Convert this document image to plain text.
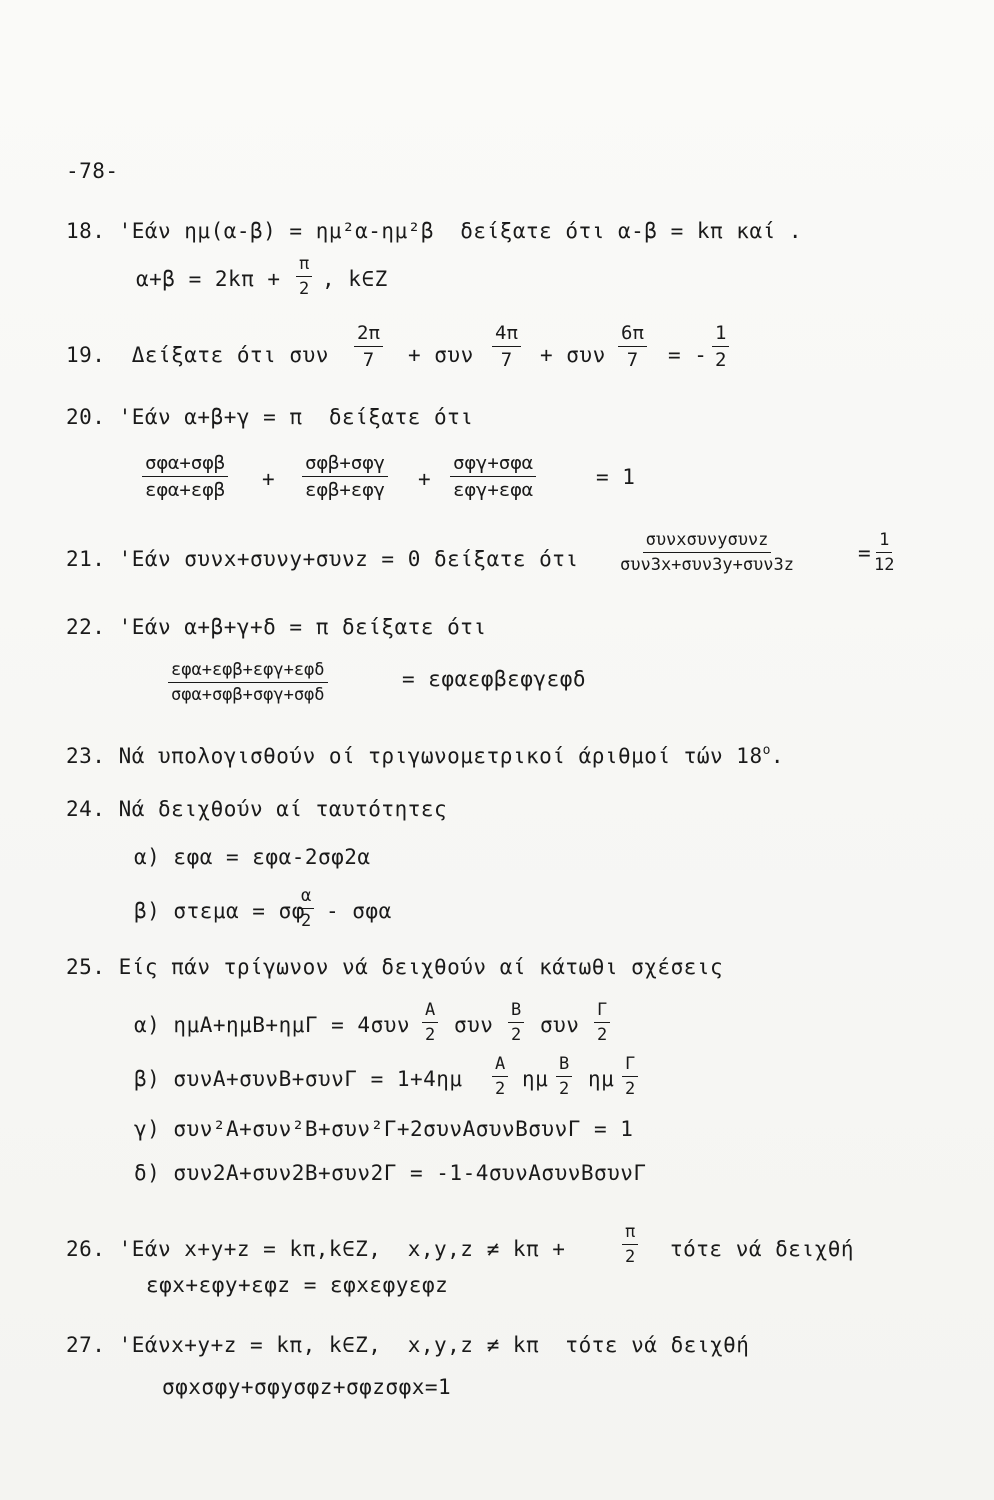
-78-
18. 'Εάν ημ(α-β) = ημ²α-ημ²β  δείξατε ότι α-β = kπ καί .
$\alpha+\beta = 2k\pi + \frac{\pi}{2}$ , k∈Z
19.  Δείξατε ότι συν $\frac{2\pi}{7} + \sigma\upsilon\nu \frac{4\pi}{7} + \sigma\upsilon\nu \frac{6\pi}{7}$ = - $\frac{1}{2}$
20. 'Εάν α+β+γ = π  δείξατε ότι
σφα+σφβ
εφα+εφβ +
σφβ+σφγ
εφβ+εφγ +
σφγ+σφα
εφγ+εφα
= 1
21. 'Εάν συνx+συνy+συνz = 0 δείξατε ότι
συνxσυνyσυνz
συν3x+συν3y+συν3z	= $\frac{1}{12}$
22. 'Εάν α+β+γ+δ = π δείξατε ότι
εφα+εφβ+εφγ+εφδ
σφα+σφβ+σφγ+σφδ
= εφαεφβεφγεφδ
23. Νά υπολογισθούν οί τριγωνομετρικοί άριθμοί τών 18$^o$.
24. Νά δειχθούν αί ταυτότητες
α) εφα = εφα-2σφ2α
β) στεμα = σφ
$\frac{\alpha}{2}$ - σφα
25. Είς πάν τρίγωνον νά δειχθούν αί κάτωθι σχέσεις
α) $\eta\mu A+\eta\mu B+\eta\mu\Gamma = 4\sigma\upsilon\nu \frac{A}{2}$ συν $\frac{B}{2}$ συν $\frac{\Gamma}{2}$
β) $\sigma\upsilon\nu A+\sigma\upsilon\nu B+\sigma\upsilon\nu\Gamma = 1+4\eta\mu \frac{A}{2}$ ημ $\frac{B}{2}$ ημ $\frac{\Gamma}{2}$
γ) συν²Α+συν²Β+συν²Γ+2συνΑσυνΒσυνΓ = 1
δ) συν2Α+συν2Β+συν2Γ = -1-4συνΑσυνΒσυνΓ
26. 'Εάν x+y+z = kπ,k∈Z,  x,y,z ≠ kπ +	$\frac{\pi}{2}$ τότε νά δειχθή
εφx+εφy+εφz = εφxεφyεφz
27. 'Εάνx+y+z = kπ, k∈Z,  x,y,z ≠ kπ  τότε νά δειχθή
σφxσφy+σφyσφz+σφzσφx=1
